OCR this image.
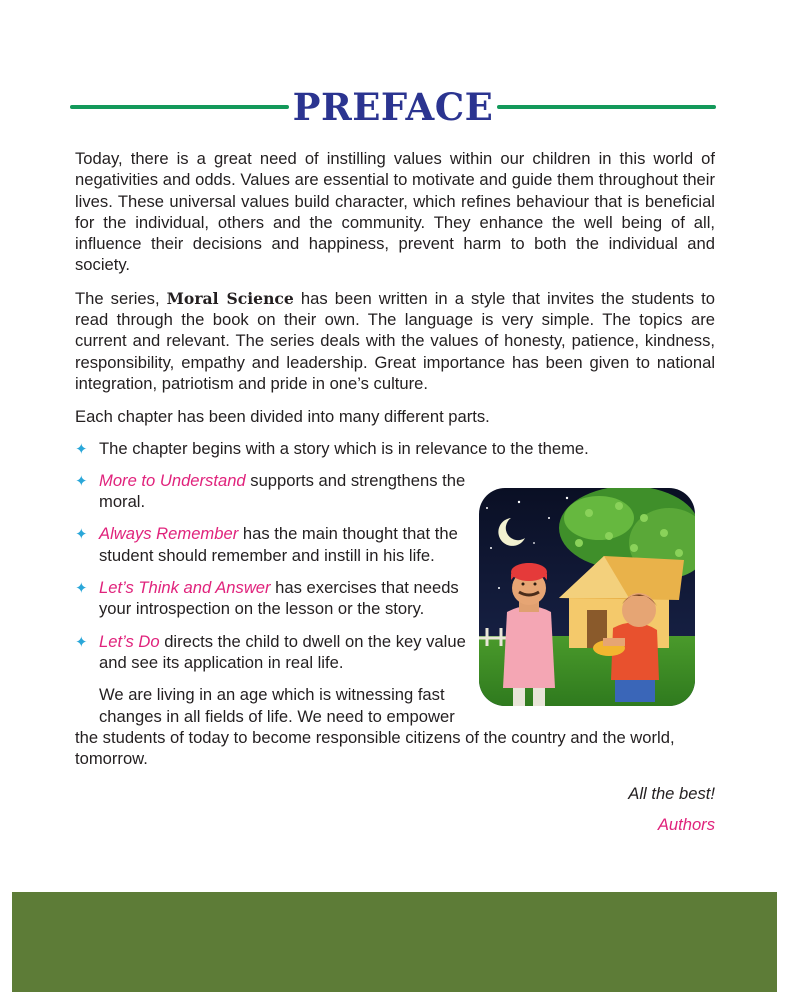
PREFACE

Today, there is a great need of instilling values within our children in this world of negativities and odds. Values are essential to motivate and guide them throughout their lives. These universal values build character, which refines behaviour that is beneficial for the individual, others and the community. They enhance the well being of all, influence their decisions and happiness, prevent harm to both the individual and society.

The series, Moral Science has been written in a style that invites the students to read through the book on their own. The language is very simple. The topics are current and relevant. The series deals with the values of honesty, patience, kindness, responsibility, empathy and leadership. Great importance has been given to national integration, patriotism and pride in one’s culture.

Each chapter has been divided into many different parts.

✦ The chapter begins with a story which is in relevance to the theme.
✦ More to Understand supports and strengthens the moral.
✦ Always Remember has the main thought that the student should remember and instill in his life.
✦ Let’s Think and Answer has exercises that needs your introspection on the lesson or the story.
✦ Let’s Do directs the child to dwell on the key value and see its application in real life.
We are living in an age which is witnessing fast
changes in all fields of life. We need to empower
the students of today to become responsible citizens of the country and the world, tomorrow.
All the best!
Authors
